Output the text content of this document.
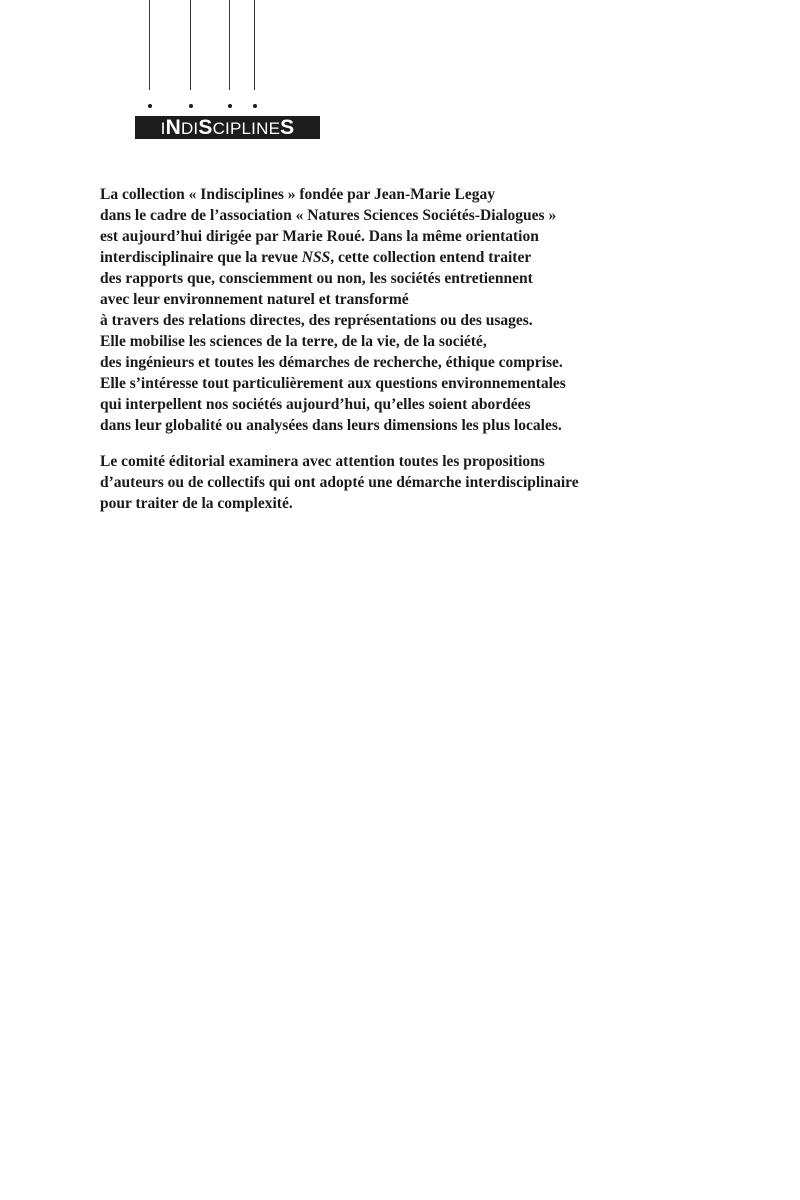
INDISCIPLINES
La collection « Indisciplines » fondée par Jean-Marie Legay
dans le cadre de l’association « Natures Sciences Sociétés-Dialogues »
est aujourd’hui dirigée par Marie Roué. Dans la même orientation
interdisciplinaire que la revue NSS, cette collection entend traiter
des rapports que, consciemment ou non, les sociétés entretiennent
avec leur environnement naturel et transformé
à travers des relations directes, des représentations ou des usages.
Elle mobilise les sciences de la terre, de la vie, de la société,
des ingénieurs et toutes les démarches de recherche, éthique comprise.
Elle s’intéresse tout particulièrement aux questions environnementales
qui interpellent nos sociétés aujourd’hui, qu’elles soient abordées
dans leur globalité ou analysées dans leurs dimensions les plus locales.
Le comité éditorial examinera avec attention toutes les propositions
d’auteurs ou de collectifs qui ont adopté une démarche interdisciplinaire
pour traiter de la complexité.
